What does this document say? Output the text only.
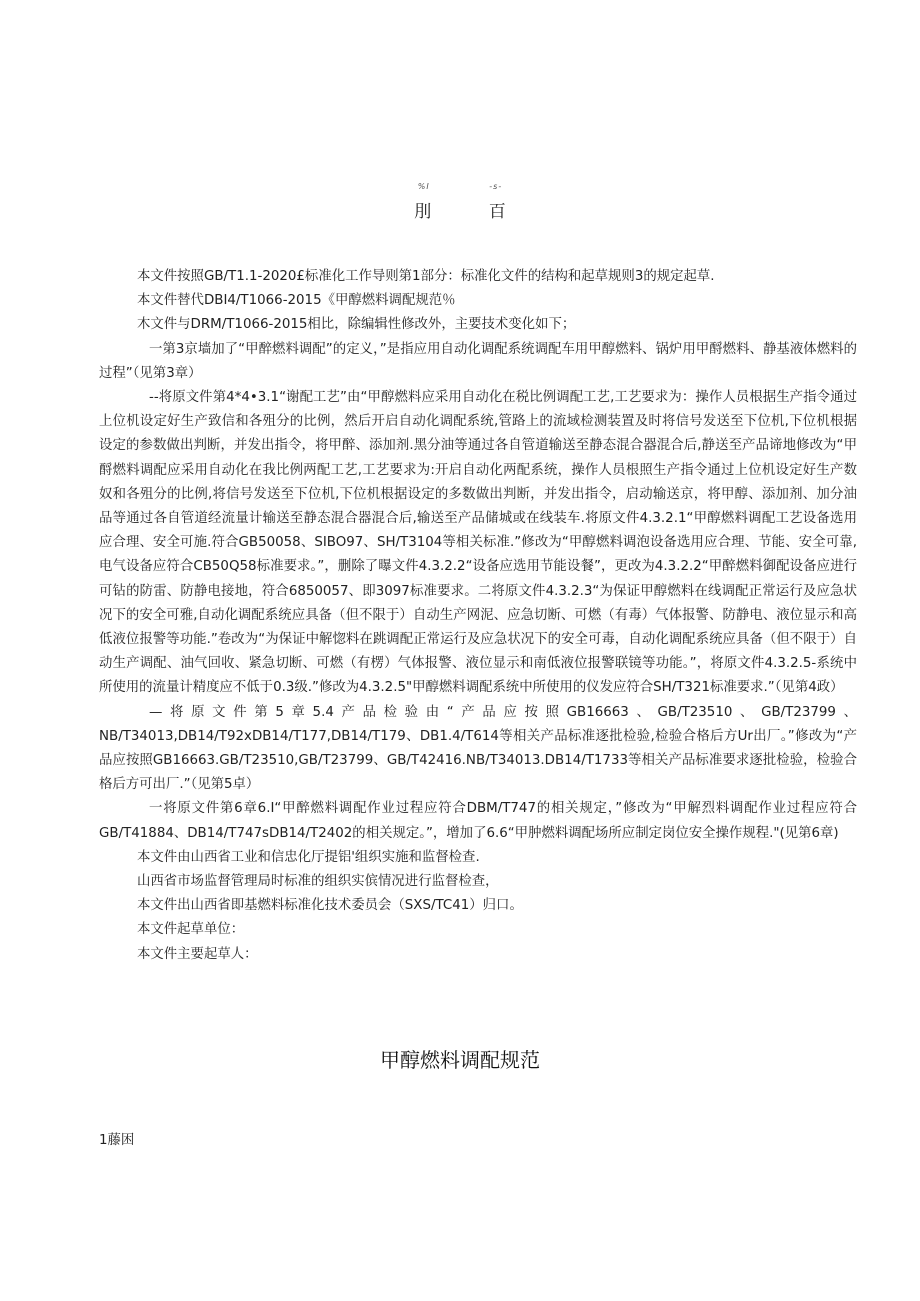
%I	-s-
刖	百

本文件按照GB/T1.1-2020£标准化工作导则第1部分：标准化文件的结构和起草规则3的规定起草.

本文件替代DBI4/T1066-2015《甲醇燃料调配规范％

木文件与DRM/T1066-2015相比，除编辑性修改外，主要技术变化如下；

一第3京墙加了“甲醉燃料调配”的定义，”是指应用自动化调配系统调配车用甲醇燃料、锅炉用甲酹燃料、静基液体燃料的过程”（见第3章）

--将原文件第4*4•3.1“谢配工艺”由“甲醇燃料应采用自动化在税比例调配工艺,工艺要求为：操作人员根据生产指令通过上位机设定好生产致信和各殂分的比例，然后开启自动化调配系统,管路上的流域检测装置及时将信号发送至下位机,下位机根据设定的参数做出判断，并发出指令，将甲醉、添加剂.黑分油等通过各自管道输送至静态混合器混合后,静送至产品谛地修改为“甲酹燃料调配应采用自动化在我比例两配工艺,工艺要求为:开启自动化两配系统，操作人员根照生产指令通过上位机设定好生产数奴和各殂分的比例,将信号发送至下位机,下位机根据设定的多数做出判断，并发出指令，启动输送京，将甲醇、添加剂、加分油品等通过各自管道经流量计输送至静态混合器混合后,输送至产品储城或在线装车.将原文件4.3.2.1“甲醇燃料调配工艺设备选用应合理、安全可施.符合GB50058、SIBO97、SH/T3104等相关标准.”修改为“甲醇燃料调泡设备选用应合理、节能、安全可靠,电气设备应符合CB50Q58标准要求。”，删除了曝文件4.3.2.2“设备应选用节能设餐”，更改为4.3.2.2“甲醉燃料御配设备应进行可钻的防雷、防静电接地，符合6850057、即3097标准要求。二将原文件4.3.2.3“为保证甲醇燃料在线调配正常运行及应急状况下的安全可雅,自动化调配系统应具备（但不限于）自动生产网泥、应急切断、可燃（有毒）气体报警、防静电、液位显示和高低液位报警等功能.”卷改为“为保证中解惚料在跳调配正常运行及应急状况下的安全可毒，自动化调配系统应具备（但不限于）自动生产调配、油气回收、紧急切断、可燃（有楞）气体报警、液位显示和南低液位报警联镜等功能。”，将原文件4.3.2.5-系统中所使用的流量计精度应不低于0.3级.”修改为4.3.2.5"甲醇燃料调配系统中所使用的仪发应符合SH/T321标准要求.”（见第4政）

—将原文件第5章5.4产品检验由“产品应按照GB16663、GB/T23510、GB/T23799、NB/T34013,DB14/T92xDB14/T177,DB14/T179、DB1.4/T614等相关产品标准逐批检验,检验合格后方Ur出厂。”修改为“产品应按照GB16663.GB/T23510,GB/T23799、GB/T42416.NB/T34013.DB14/T1733等相关产品标准要求逐批检验，检验合格后方可出厂.”（见第5卓）

一将原文件第6章6.I“甲醉燃料调配作业过程应符合DBM/T747的相关规定，”修改为“甲解烈料调配作业过程应符合GB/T41884、DB14/T747sDB14/T2402的相关规定。”，增加了6.6“甲肿燃料调配场所应制定岗位安全操作规程."(见第6章)

本文件由山西省工业和信忠化厅提铝'组织实施和监督检查.

山西省市场监督管理局时标准的组织实傧情况进行监督检查，

本文件出山西省即基燃料标准化技术委员会（SXS/TC41）归口。

本文件起草单位：

本文件主要起草人：

甲醇燃料调配规范
1藤困
